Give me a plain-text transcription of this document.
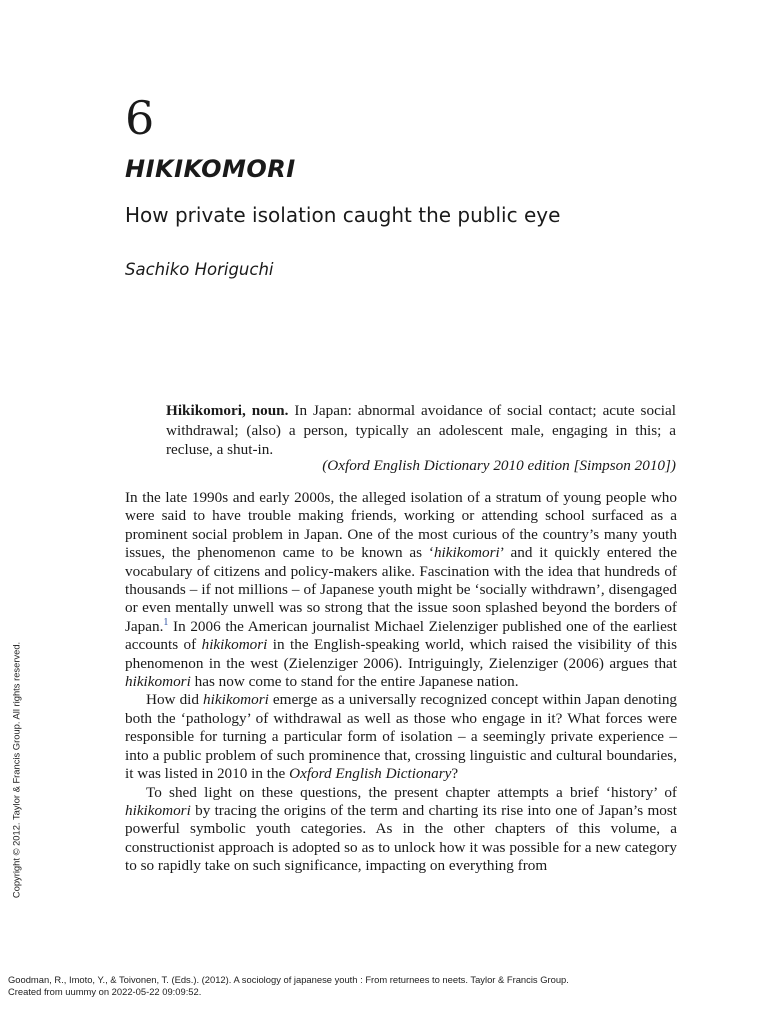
6
HIKIKOMORI
How private isolation caught the public eye
Sachiko Horiguchi
Hikikomori, noun. In Japan: abnormal avoidance of social contact; acute social withdrawal; (also) a person, typically an adolescent male, engaging in this; a recluse, a shut-in.
(Oxford English Dictionary 2010 edition [Simpson 2010])

In the late 1990s and early 2000s, the alleged isolation of a stratum of young people who were said to have trouble making friends, working or attending school surfaced as a prominent social problem in Japan. One of the most curious of the country’s many youth issues, the phenomenon came to be known as ‘hikikomori’ and it quickly entered the vocabulary of citizens and policy-makers alike. Fascination with the idea that hundreds of thousands – if not millions – of Japanese youth might be ‘socially withdrawn’, disengaged or even mentally unwell was so strong that the issue soon splashed beyond the borders of Japan.$^1$ In 2006 the American journalist Michael Zielenziger published one of the earliest accounts of hikikomori in the English-speaking world, which raised the visibility of this phenomenon in the west (Zielenziger 2006). Intriguingly, Zielenziger (2006) argues that hikikomori has now come to stand for the entire Japanese nation.

How did hikikomori emerge as a universally recognized concept within Japan denoting both the ‘pathology’ of withdrawal as well as those who engage in it? What forces were responsible for turning a particular form of isolation – a seemingly private experience – into a public problem of such prominence that, crossing linguistic and cultural boundaries, it was listed in 2010 in the Oxford English Dictionary?

To shed light on these questions, the present chapter attempts a brief ‘history’ of hikikomori by tracing the origins of the term and charting its rise into one of Japan’s most powerful symbolic youth categories. As in the other chapters of this volume, a constructionist approach is adopted so as to unlock how it was possible for a new category to so rapidly take on such significance, impacting on everything from

Copyright © 2012. Taylor & Francis Group. All rights reserved.
Goodman, R., Imoto, Y., & Toivonen, T. (Eds.). (2012). A sociology of japanese youth : From returnees to neets. Taylor & Francis Group.
Created from uummy on 2022-05-22 09:09:52.
